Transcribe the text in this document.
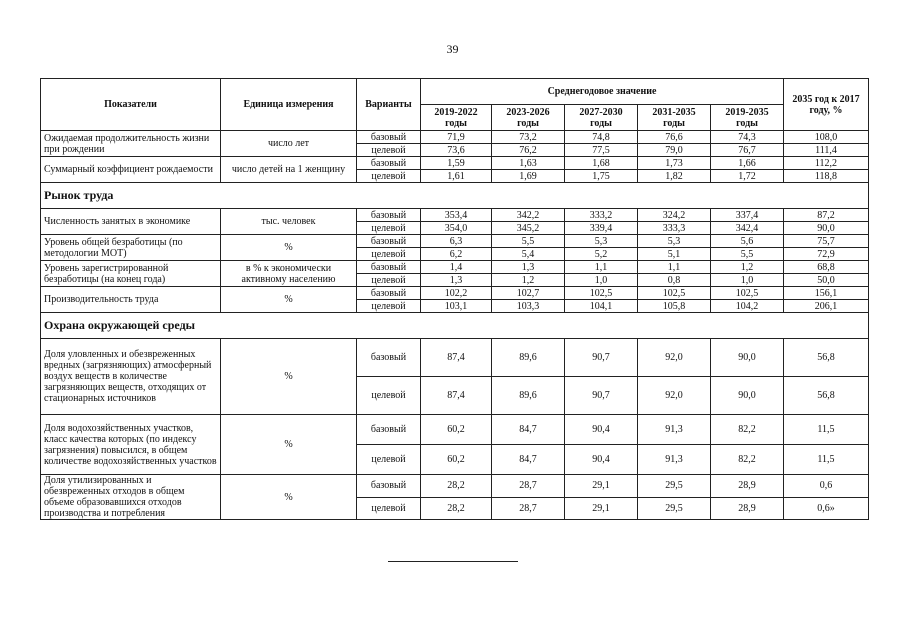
39
Показатели	Единица измерения	Варианты	Среднегодовое значение					2035 год к 2017 году, %
			2019-2022 годы	2023-2026 годы	2027-2030 годы	2031-2035 годы	2019-2035 годы	
Ожидаемая продолжительность жизни при рождении	число лет	базовый	71,9	73,2	74,8	76,6	74,3	108,0
		целевой	73,6	76,2	77,5	79,0	76,7	111,4
Суммарный коэффициент рождаемости	число детей на 1 женщину	базовый	1,59	1,63	1,68	1,73	1,66	112,2
		целевой	1,61	1,69	1,75	1,82	1,72	118,8
Рынок труда								
Численность занятых в экономике	тыс. человек	базовый	353,4	342,2	333,2	324,2	337,4	87,2
		целевой	354,0	345,2	339,4	333,3	342,4	90,0
Уровень общей безработицы (по методологии МОТ)	%	базовый	6,3	5,5	5,3	5,3	5,6	75,7
		целевой	6,2	5,4	5,2	5,1	5,5	72,9
Уровень зарегистрированной безработицы (на конец года)	в % к экономически активному населению	базовый	1,4	1,3	1,1	1,1	1,2	68,8
		целевой	1,3	1,2	1,0	0,8	1,0	50,0
Производительность труда	%	базовый	102,2	102,7	102,5	102,5	102,5	156,1
		целевой	103,1	103,3	104,1	105,8	104,2	206,1
Охрана окружающей среды								
Доля уловленных и обезвреженных вредных (загрязняющих) атмосферный воздух веществ в количестве загрязняющих веществ, отходящих от стационарных источников	%	базовый	87,4	89,6	90,7	92,0	90,0	56,8
		целевой	87,4	89,6	90,7	92,0	90,0	56,8
Доля водохозяйственных участков, класс качества которых (по индексу загрязнения) повысился, в общем количестве водохозяйственных участков	%	базовый	60,2	84,7	90,4	91,3	82,2	11,5
		целевой	60,2	84,7	90,4	91,3	82,2	11,5
Доля утилизированных и обезвреженных отходов в общем объеме образовавшихся отходов производства и потребления	%	базовый	28,2	28,7	29,1	29,5	28,9	0,6
		целевой	28,2	28,7	29,1	29,5	28,9	0,6»
